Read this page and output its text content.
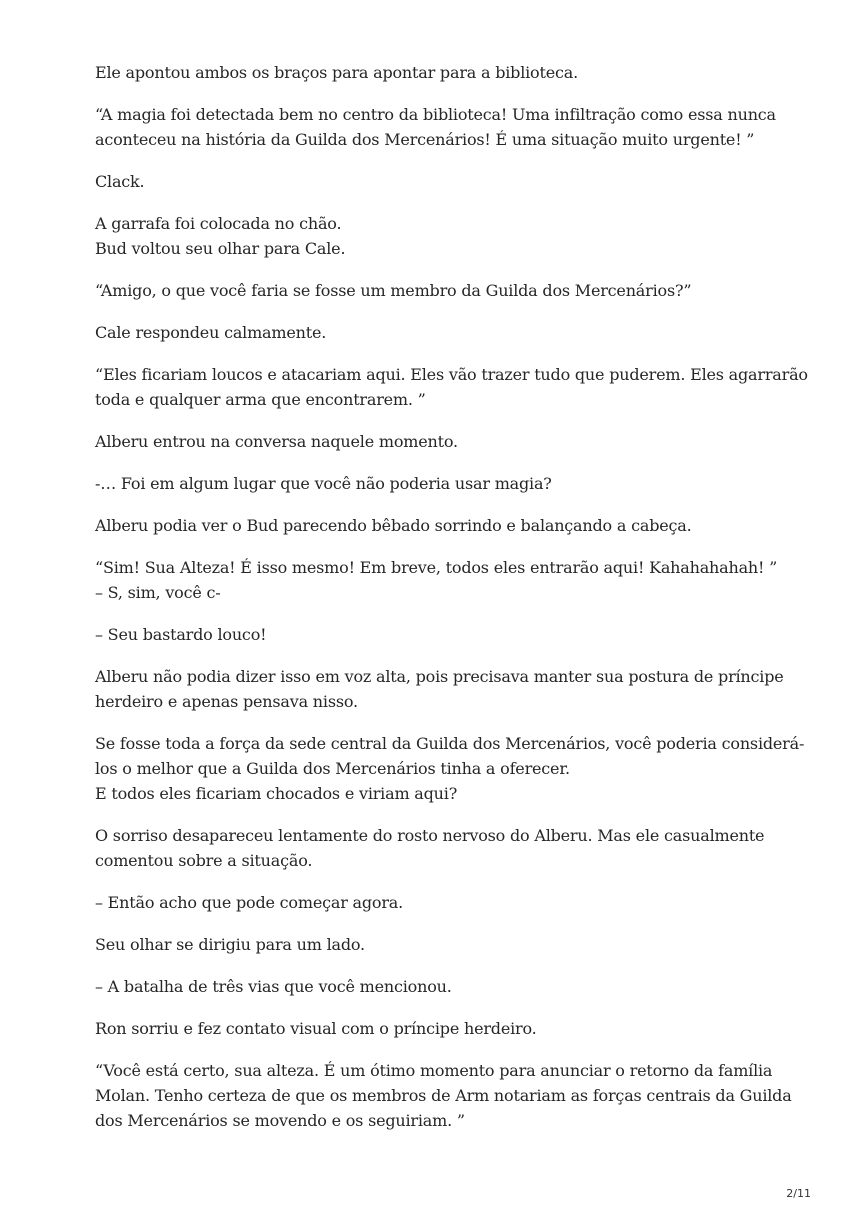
Ele apontou ambos os braços para apontar para a biblioteca.

“A magia foi detectada bem no centro da biblioteca! Uma infiltração como essa nunca
aconteceu na história da Guilda dos Mercenários! É uma situação muito urgente! ”

Clack.

A garrafa foi colocada no chão.
Bud voltou seu olhar para Cale.

“Amigo, o que você faria se fosse um membro da Guilda dos Mercenários?”

Cale respondeu calmamente.

“Eles ficariam loucos e atacariam aqui. Eles vão trazer tudo que puderem. Eles agarrarão
toda e qualquer arma que encontrarem. ”

Alberu entrou na conversa naquele momento.

-… Foi em algum lugar que você não poderia usar magia?

Alberu podia ver o Bud parecendo bêbado sorrindo e balançando a cabeça.

“Sim! Sua Alteza! É isso mesmo! Em breve, todos eles entrarão aqui! Kahahahahah! ”
– S, sim, você c-

– Seu bastardo louco!

Alberu não podia dizer isso em voz alta, pois precisava manter sua postura de príncipe
herdeiro e apenas pensava nisso.

Se fosse toda a força da sede central da Guilda dos Mercenários, você poderia considerá-
los o melhor que a Guilda dos Mercenários tinha a oferecer.
E todos eles ficariam chocados e viriam aqui?

O sorriso desapareceu lentamente do rosto nervoso do Alberu. Mas ele casualmente
comentou sobre a situação.

– Então acho que pode começar agora.

Seu olhar se dirigiu para um lado.

– A batalha de três vias que você mencionou.

Ron sorriu e fez contato visual com o príncipe herdeiro.

“Você está certo, sua alteza. É um ótimo momento para anunciar o retorno da família
Molan. Tenho certeza de que os membros de Arm notariam as forças centrais da Guilda
dos Mercenários se movendo e os seguiriam. ”

2/11
